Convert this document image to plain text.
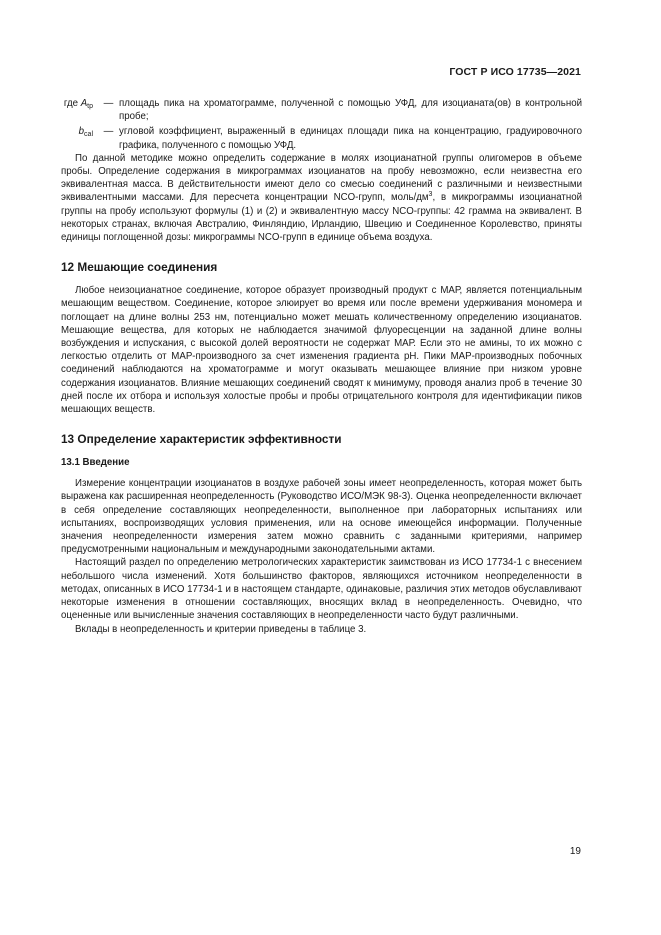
ГОСТ Р ИСО 17735—2021
где $A_{tp}$	— площадь пика на хроматограмме, полученной с помощью УФД, для изоцианата(ов) в контрольной пробе;
$b_{cal}$	— угловой коэффициент, выраженный в единицах площади пика на концентрацию, градуировочного графика, полученного с помощью УФД.

По данной методике можно определить содержание в молях изоцианатной группы олигомеров в объеме пробы. Определение содержания в микрограммах изоцианатов на пробу невозможно, если неизвестна его эквивалентная масса. В действительности имеют дело со смесью соединений с различными и неизвестными эквивалентными массами. Для пересчета концентрации NCO-групп, моль/$дм^3$, в микрограммы изоцианатной группы на пробу используют формулы (1) и (2) и эквивалентную массу NCO-группы: 42 грамма на эквивалент. В некоторых странах, включая Австралию, Финляндию, Ирландию, Швецию и Соединенное Королевство, приняты единицы поглощенной дозы: микрограммы NCO-групп в единице объема воздуха.

12 Мешающие соединения

Любое неизоцианатное соединение, которое образует производный продукт с МАР, является потенциальным мешающим веществом. Соединение, которое элюирует во время или после времени удерживания мономера и поглощает на длине волны 253 нм, потенциально может мешать количественному определению изоцианатов. Мешающие вещества, для которых не наблюдается значимой флуоресценции на заданной длине волны возбуждения и испускания, с высокой долей вероятности не содержат МАР. Если это не амины, то их можно с легкостью отделить от МАР-производного за счет изменения градиента pH. Пики МАР-производных побочных соединений наблюдаются на хроматограмме и могут оказывать мешающее влияние при низком уровне содержания изоцианатов. Влияние мешающих соединений сводят к минимуму, проводя анализ проб в течение 30 дней после их отбора и используя холостые пробы и пробы отрицательного контроля для идентификации пиков мешающих веществ.

13 Определение характеристик эффективности
13.1 Введение

Измерение концентрации изоцианатов в воздухе рабочей зоны имеет неопределенность, которая может быть выражена как расширенная неопределенность (Руководство ИСО/МЭК 98-3). Оценка неопределенности включает в себя определение составляющих неопределенности, выполненное при лабораторных испытаниях или испытаниях, воспроизводящих условия применения, или на основе имеющейся информации. Полученные значения неопределенности измерения затем можно сравнить с заданными критериями, например предусмотренными национальным и международными законодательными актами.

Настоящий раздел по определению метрологических характеристик заимствован из ИСО 17734-1 с внесением небольшого числа изменений. Хотя большинство факторов, являющихся источником неопределенности в методах, описанных в ИСО 17734-1 и в настоящем стандарте, одинаковые, различия этих методов обуславливают некоторые изменения в отношении составляющих, вносящих вклад в неопределенность. Очевидно, что оцененные или вычисленные значения составляющих в неопределенности часто будут различными.

Вклады в неопределенность и критерии приведены в таблице 3.

19
